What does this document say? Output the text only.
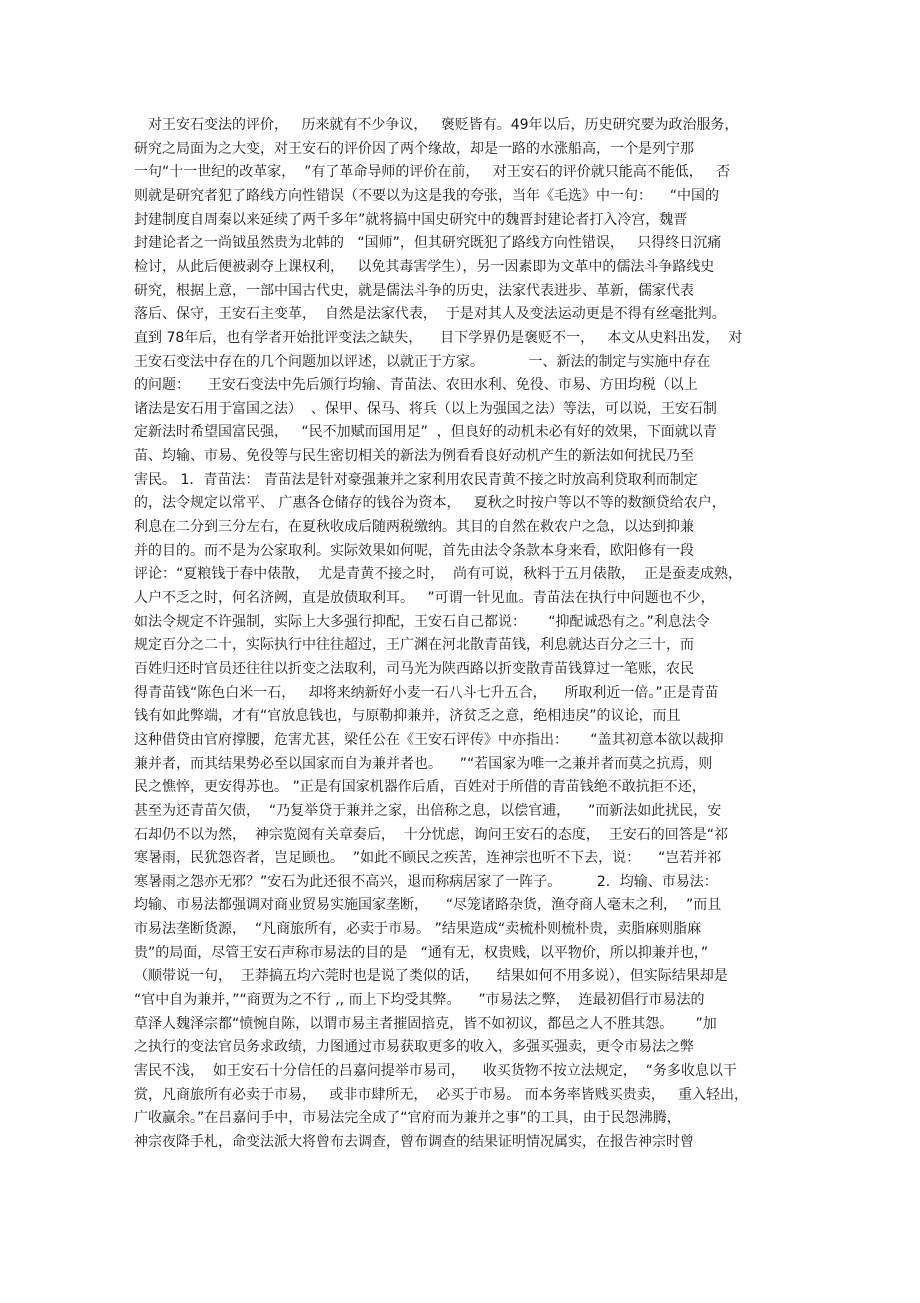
对王安石变法的评价，   历来就有不少争议，   褒贬皆有。49年以后，历史研究要为政治服务，
研究之局面为之大变，对王安石的评价因了两个缘故，却是一路的水涨船高，一个是列宁那
一句“十一世纪的改革家，  ”有了革命导师的评价在前，   对王安石的评价就只能高不能低，   否
则就是研究者犯了路线方向性错误（不要以为这是我的夸张，当年《毛选》中一句：    “中国的
封建制度自周秦以来延续了两千多年”就将搞中国史研究中的魏晋封建论者打入冷宫，魏晋
封建论者之一尚钺虽然贵为北韩的   “国师”，但其研究既犯了路线方向性错误，   只得终日沉痛
检讨，从此后便被剥夺上课权利，   以免其毒害学生），另一因素即为文革中的儒法斗争路线史
研究，根据上意，一部中国古代史，就是儒法斗争的历史，法家代表进步、革新，儒家代表
落后、保守，王安石主变革，  自然是法家代表，  于是对其人及变法运动更是不得有丝毫批判。
直到 78年后，也有学者开始批评变法之缺失，    目下学界仍是褒贬不一，   本文从史料出发，  对
王安石变法中存在的几个问题加以评述，以就正于方家。          一、新法的制定与实施中存在
的问题：    王安石变法中先后颁行均输、青苗法、农田水利、免役、市易、方田均税（以上
诸法是安石用于富国之法）  、保甲、保马、将兵（以上为强国之法）等法，可以说，王安石制
定新法时希望国富民强，   “民不加赋而国用足”  ，但良好的动机未必有好的效果，下面就以青
苗、均输、市易、免役等与民生密切相关的新法为例看看良好动机产生的新法如何扰民乃至
害民。 1．青苗法： 青苗法是针对豪强兼并之家利用农民青黄不接之时放高利贷取利而制定
的，法令规定以常平、 广惠各仓储存的钱谷为资本，   夏秋之时按户等以不等的数额贷给农户，
利息在二分到三分左右，在夏秋收成后随两税缴纳。其目的自然在救农户之急，以达到抑兼
并的目的。而不是为公家取利。实际效果如何呢，首先由法令条款本身来看，欧阳修有一段
评论：“夏粮钱于春中俵散，  尤是青黄不接之时，  尚有可说，秋料于五月俵散，  正是蚕麦成熟，
人户不乏之时，何名济阙，直是放债取利耳。   ”可谓一针见血。青苗法在执行中问题也不少，
如法令规定不许强制，实际上大多强行抑配，王安石自己都说：     “抑配诚恐有之。”利息法令
规定百分之二十，实际执行中往往超过，王广渊在河北散青苗钱，利息就达百分之三十，而
百姓归还时官员还往往以折变之法取利，司马光为陕西路以折变散青苗钱算过一笔账，农民
得青苗钱“陈色白米一石，   却将来纳新好小麦一石八斗七升五合，    所取利近一倍。”正是青苗
钱有如此弊端，才有“官放息钱也，与原勒抑兼并，济贫乏之意，绝相违戾”的议论，而且
这种借贷由官府撑腰，危害尤甚，梁任公在《王安石评传》中亦指出：     “盖其初意本欲以裁抑
兼并者，而其结果势必至以国家而自为兼并者也。    ”“若国家为唯一之兼并者而莫之抗焉，则
民之憔悴，更安得苏也。 ”正是有国家机器作后盾，百姓对于所借的青苗钱绝不敢抗拒不还，
甚至为还青苗欠债，  “乃复举贷于兼并之家，出倍称之息，以偿官逋，    ”而新法如此扰民，安
石却仍不以为然，  神宗览阅有关章奏后，  十分忧虑，询问王安石的态度，  王安石的回答是“祁
寒暑雨，民犹怨咨者，岂足顾也。  ”如此不顾民之疾苦，连神宗也听不下去，说：    “岂若并祁
寒暑雨之怨亦无邪？”安石为此还很不高兴，退而称病居家了一阵子。        2．均输、市易法：
均输、市易法都强调对商业贸易实施国家垄断，    “尽笼诸路杂货，渔夺商人毫末之利，  ”而且
市易法垄断货源，  “凡商旅所有，必卖于市易。 ”结果造成“卖梳朴则梳朴贵，卖脂麻则脂麻
贵”的局面，尽管王安石声称市易法的目的是   “通有无，权贵贱，以平物价，所以抑兼并也，”
（顺带说一句，  王莽搞五均六莞时也是说了类似的话，    结果如何不用多说），但实际结果却是
“官中自为兼并，”“商贾为之不行 ,, 而上下均受其弊。    ”市易法之弊，  连最初倡行市易法的
草泽人魏泽宗都“愤惋自陈，以谓市易主者摧固掊克，皆不如初议，都邑之人不胜其怨。     ”加
之执行的变法官员务求政绩，力图通过市易获取更多的收入，多强买强卖，更令市易法之弊
害民不浅，  如王安石十分信任的吕嘉问提举市易司，    收买货物不按立法规定，  “务多收息以干
赏，凡商旅所有必卖于市易，   或非市肆所无，  必买于市易。 而本务率皆贱买贵卖，   重入轻出，
广收赢余。”在吕嘉问手中，市易法完全成了“官府而为兼并之事”的工具，由于民怨沸腾，
神宗夜降手札，命变法派大将曾布去调查，曾布调查的结果证明情况属实，在报告神宗时曾
